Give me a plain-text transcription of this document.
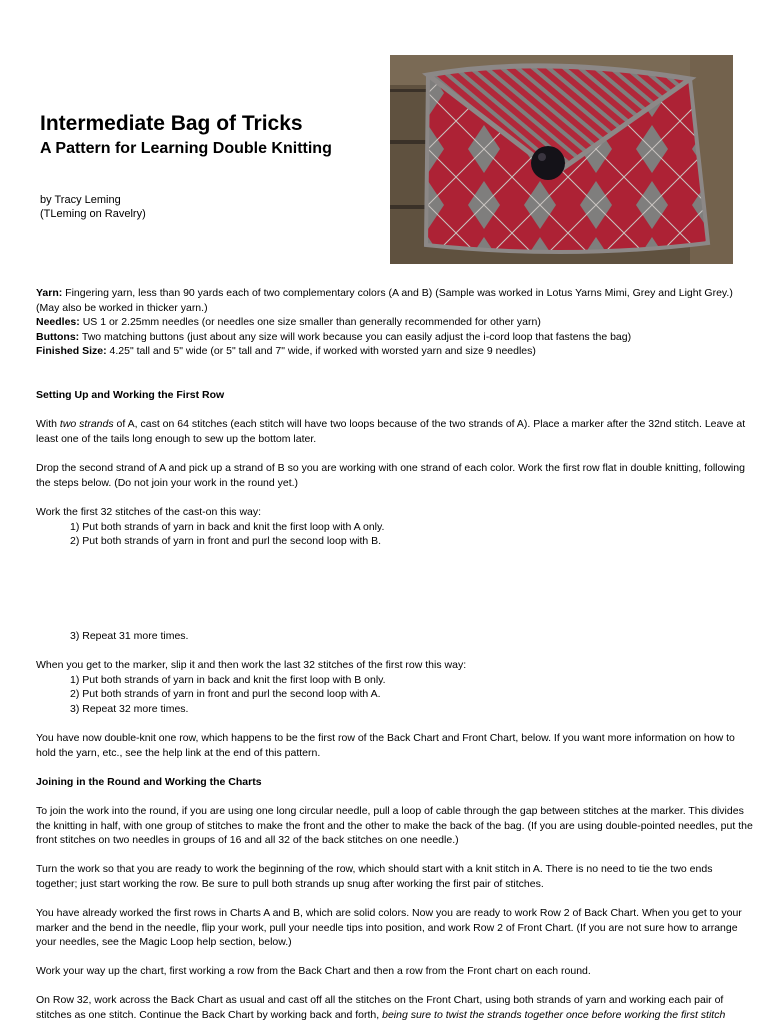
Intermediate Bag of Tricks
A Pattern for Learning Double Knitting
by Tracy Leming
(TLeming on Ravelry)

Yarn: Fingering yarn, less than 90 yards each of two complementary colors (A and B) (Sample was worked in Lotus Yarns Mimi, Grey and Light Grey.) (May also be worked in thicker yarn.)

Needles: US 1 or 2.25mm needles (or needles one size smaller than generally recommended for other yarn)

Buttons: Two matching buttons (just about any size will work because you can easily adjust the i-cord loop that fastens the bag)

Finished Size: 4.25" tall and 5" wide (or 5" tall and 7" wide, if worked with worsted yarn and size 9 needles)

Setting Up and Working the First Row

With two strands of A, cast on 64 stitches (each stitch will have two loops because of the two strands of A). Place a marker after the 32nd stitch. Leave at least one of the tails long enough to sew up the bottom later.

Drop the second strand of A and pick up a strand of B so you are working with one strand of each color. Work the first row flat in double knitting, following the steps below. (Do not join your work in the round yet.)

Work the first 32 stitches of the cast-on this way:

1) Put both strands of yarn in back and knit the first loop with A only.

2) Put both strands of yarn in front and purl the second loop with B.

3) Repeat 31 more times.

When you get to the marker, slip it and then work the last 32 stitches of the first row this way:

1) Put both strands of yarn in back and knit the first loop with B only.

2) Put both strands of yarn in front and purl the second loop with A.

3) Repeat 32 more times.

You have now double-knit one row, which happens to be the first row of the Back Chart and Front Chart, below. If you want more information on how to hold the yarn, etc., see the help link at the end of this pattern.

Joining in the Round and Working the Charts

To join the work into the round, if you are using one long circular needle, pull a loop of cable through the gap between stitches at the marker. This divides the knitting in half, with one group of stitches to make the front and the other to make the back of the bag. (If you are using double-pointed needles, put the front stitches on two needles in groups of 16 and all 32 of the back stitches on one needle.)

Turn the work so that you are ready to work the beginning of the row, which should start with a knit stitch in A. There is no need to tie the two ends together; just start working the row. Be sure to pull both strands up snug after working the first pair of stitches.

You have already worked the first rows in Charts A and B, which are solid colors. Now you are ready to work Row 2 of Back Chart. When you get to your marker and the bend in the needle, flip your work, pull your needle tips into position, and work Row 2 of Front Chart. (If you are not sure how to arrange your needles, see the Magic Loop help section, below.)

Work your way up the chart, first working a row from the Back Chart and then a row from the Front chart on each round.

On Row 32, work across the Back Chart as usual and cast off all the stitches on the Front Chart, using both strands of yarn and working each pair of stitches as one stitch. Continue the Back Chart by working back and forth, being sure to twist the strands together once before working the first stitch
